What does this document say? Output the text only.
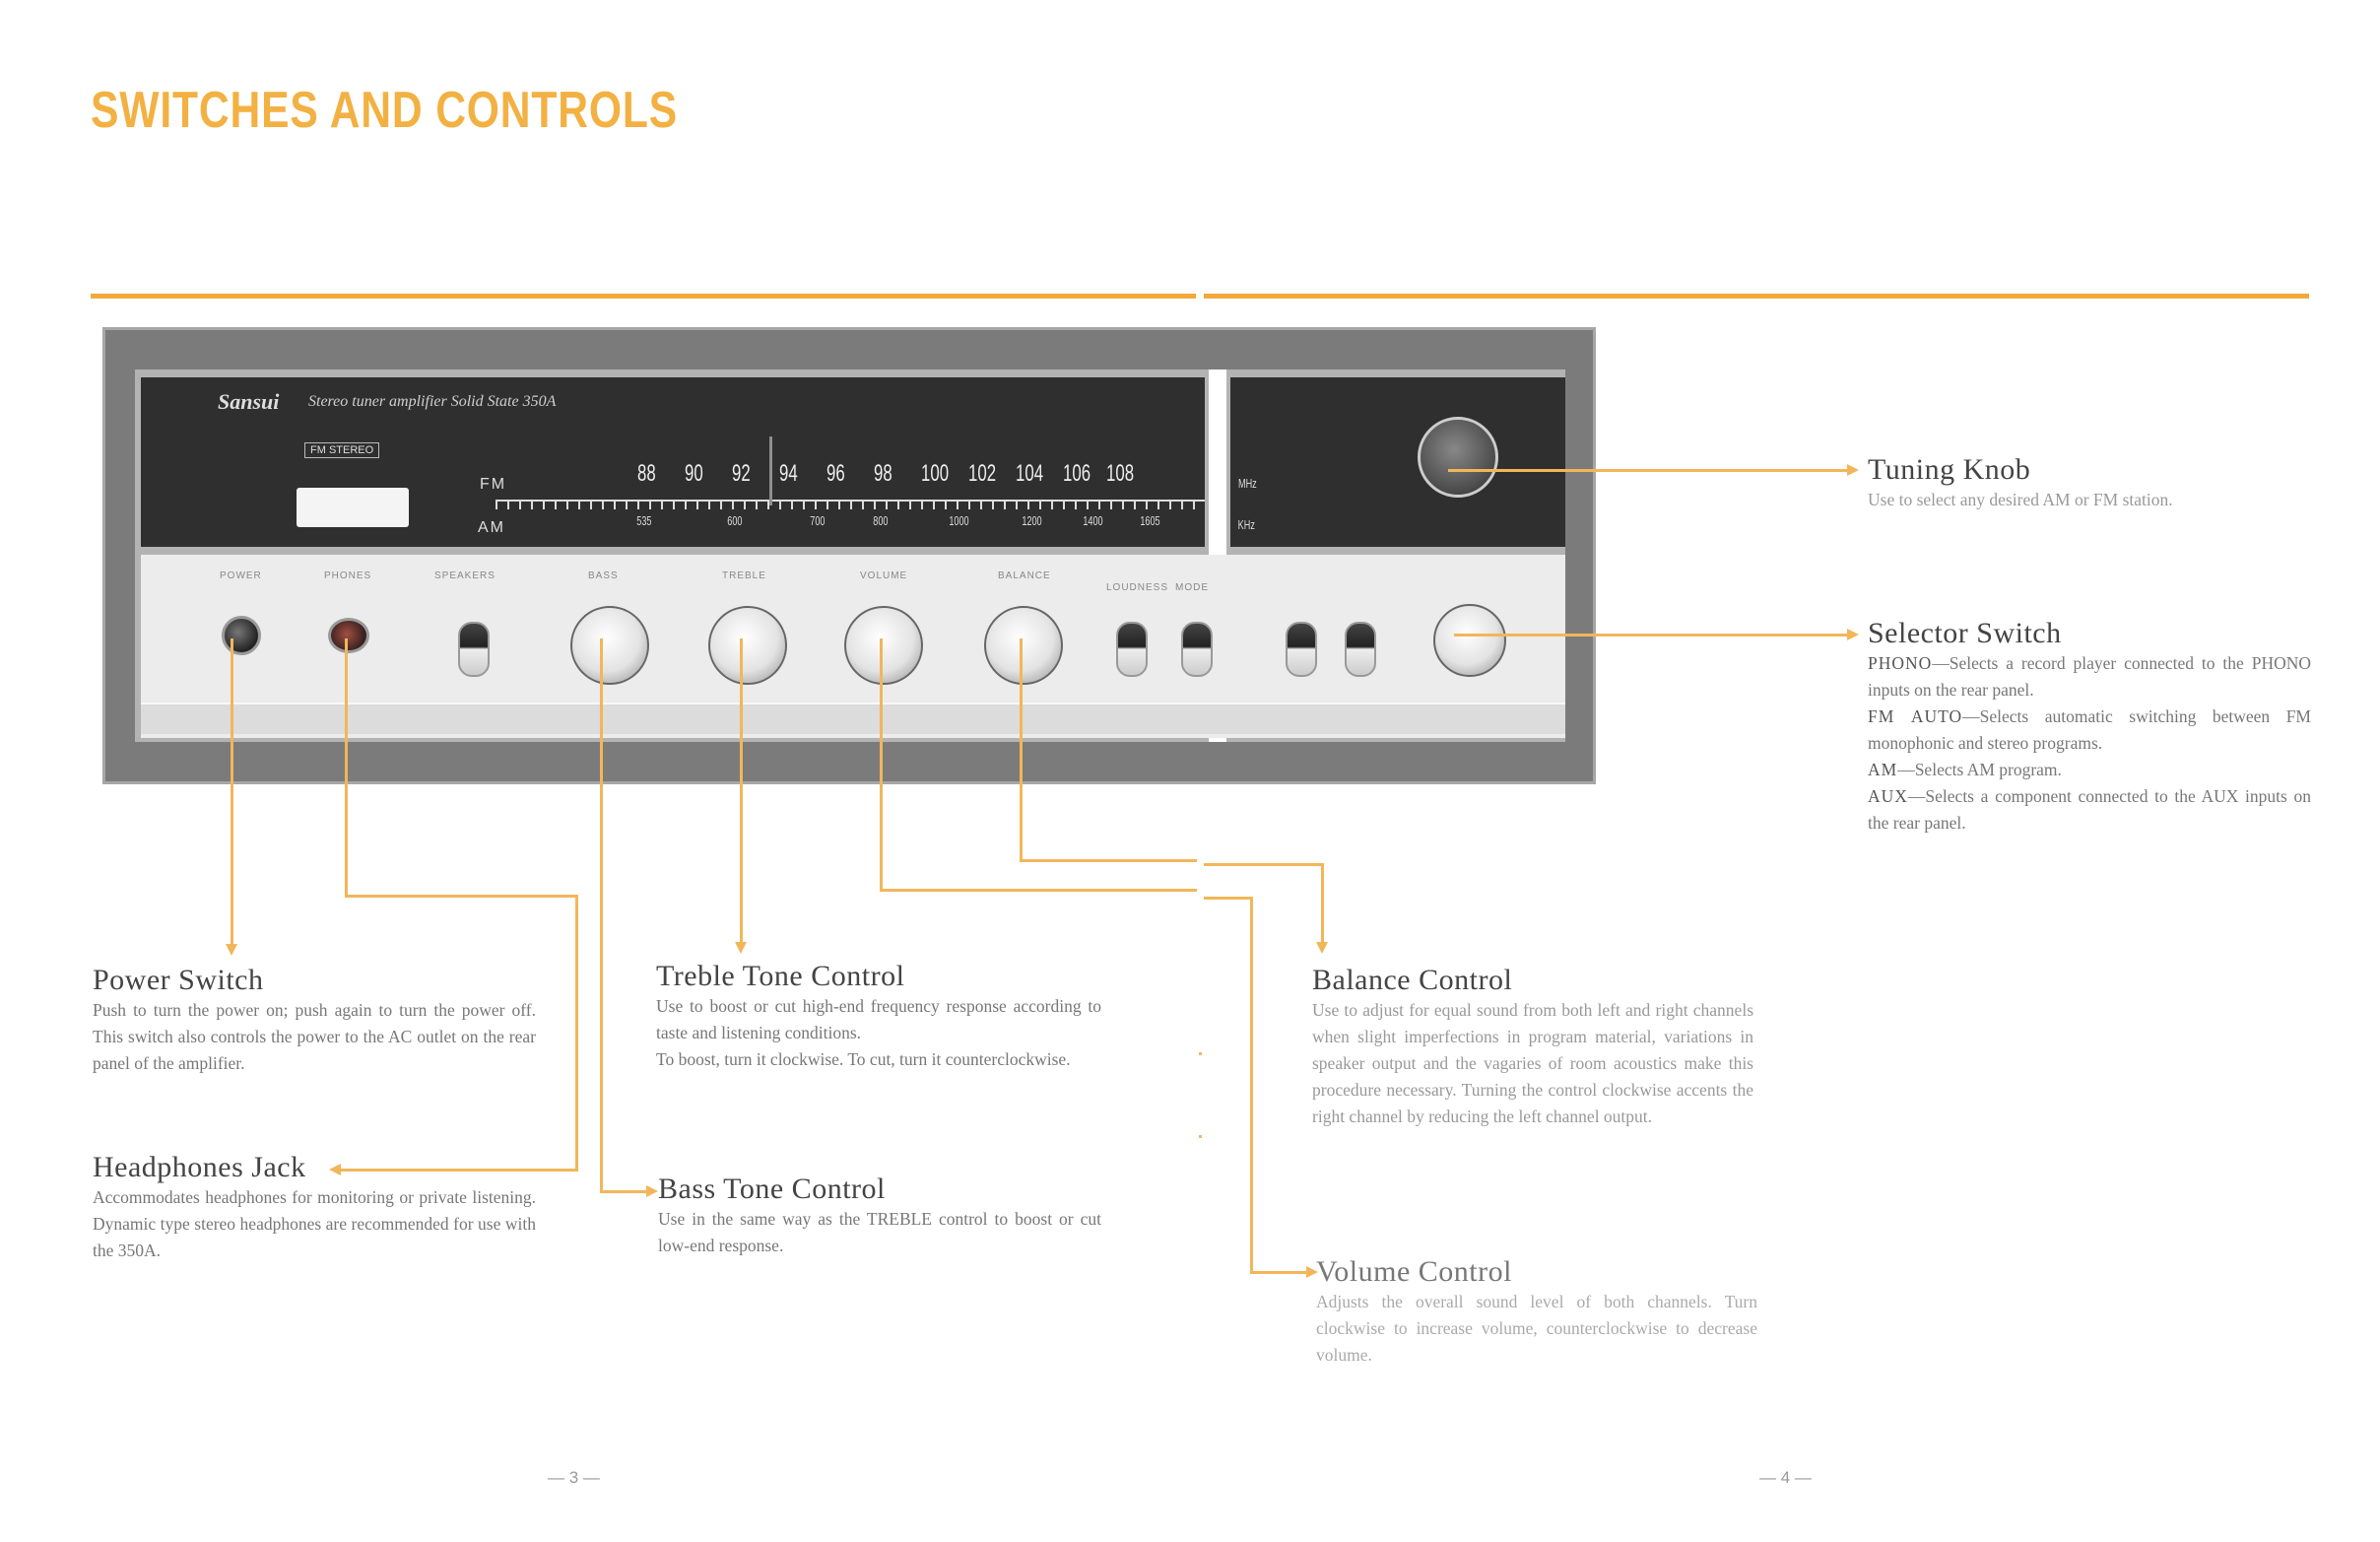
SWITCHES AND CONTROLS
Sansui Stereo tuner amplifier Solid State 350A
FM STEREO
FM
AM
88 90 92 94 96 98 100 102 104 106 108
535	600	700	800	1000	1200	1400	1605
MHz
KHz
POWER	PHONES	SPEAKERS	BASS	TREBLE	VOLUME	BALANCE
LOUDNESS MODE
Power Switch
Push to turn the power on; push again to turn the power off. This switch also controls the power to the AC outlet on the rear panel of the amplifier.
Headphones Jack
Accommodates headphones for monitoring or private listening. Dynamic type stereo headphones are recommended for use with the 350A.
Treble Tone Control
Use to boost or cut high-end frequency response according to taste and listening conditions.
To boost, turn it clockwise. To cut, turn it counterclockwise.
Bass Tone Control
Use in the same way as the TREBLE control to boost or cut low-end response.
Balance Control
Use to adjust for equal sound from both left and right channels when slight imperfections in program material, variations in speaker output and the vagaries of room acoustics make this procedure necessary. Turning the control clockwise accents the right channel by reducing the left channel output.
Volume Control
Adjusts the overall sound level of both channels. Turn clockwise to increase volume, counterclockwise to decrease volume.
Tuning Knob
Use to select any desired AM or FM station.
Selector Switch
PHONO—Selects a record player connected to the PHONO inputs on the rear panel.
FM AUTO—Selects automatic switching between FM monophonic and stereo programs.
AM—Selects AM program.
AUX—Selects a component connected to the AUX inputs on the rear panel.
— 3 —	— 4 —
